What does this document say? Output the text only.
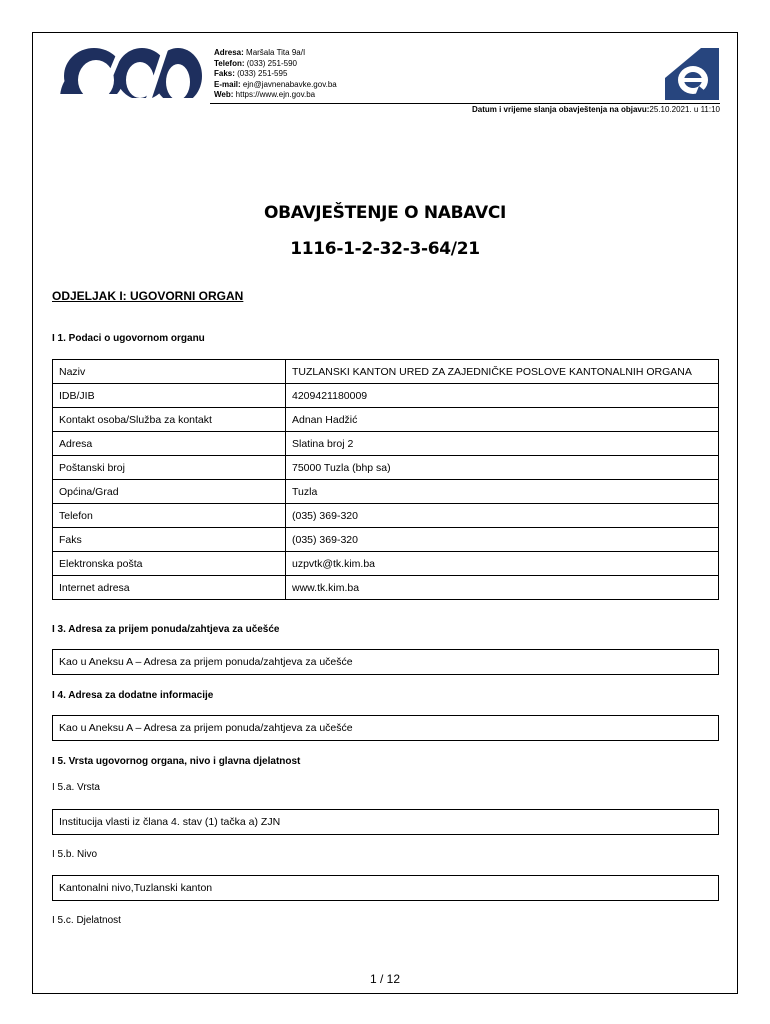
Adresa: Maršala Tita 9a/I
Telefon: (033) 251-590
Faks: (033) 251-595
E-mail: ejn@javnenabavke.gov.ba
Web: https://www.ejn.gov.ba
Datum i vrijeme slanja obavještenja na objavu:25.10.2021. u 11:10
OBAVJEŠTENJE O NABAVCI
1116-1-2-32-3-64/21
ODJELJAK I: UGOVORNI ORGAN
I 1. Podaci o ugovornom organu
Naziv	TUZLANSKI KANTON URED ZA ZAJEDNIČKE POSLOVE KANTONALNIH ORGANA
IDB/JIB	4209421180009
Kontakt osoba/Služba za kontakt	Adnan Hadžić
Adresa	Slatina broj 2
Poštanski broj	75000 Tuzla (bhp sa)
Općina/Grad	Tuzla
Telefon	(035) 369-320
Faks	(035) 369-320
Elektronska pošta	uzpvtk@tk.kim.ba
Internet adresa	www.tk.kim.ba
I 3. Adresa za prijem ponuda/zahtjeva za učešće
Kao u Aneksu A – Adresa za prijem ponuda/zahtjeva za učešće
I 4. Adresa za dodatne informacije
Kao u Aneksu A – Adresa za prijem ponuda/zahtjeva za učešće
I 5. Vrsta ugovornog organa, nivo i glavna djelatnost
I 5.a. Vrsta
Institucija vlasti iz člana 4. stav (1) tačka a) ZJN
I 5.b. Nivo
Kantonalni nivo,Tuzlanski kanton
I 5.c. Djelatnost
1 / 12
